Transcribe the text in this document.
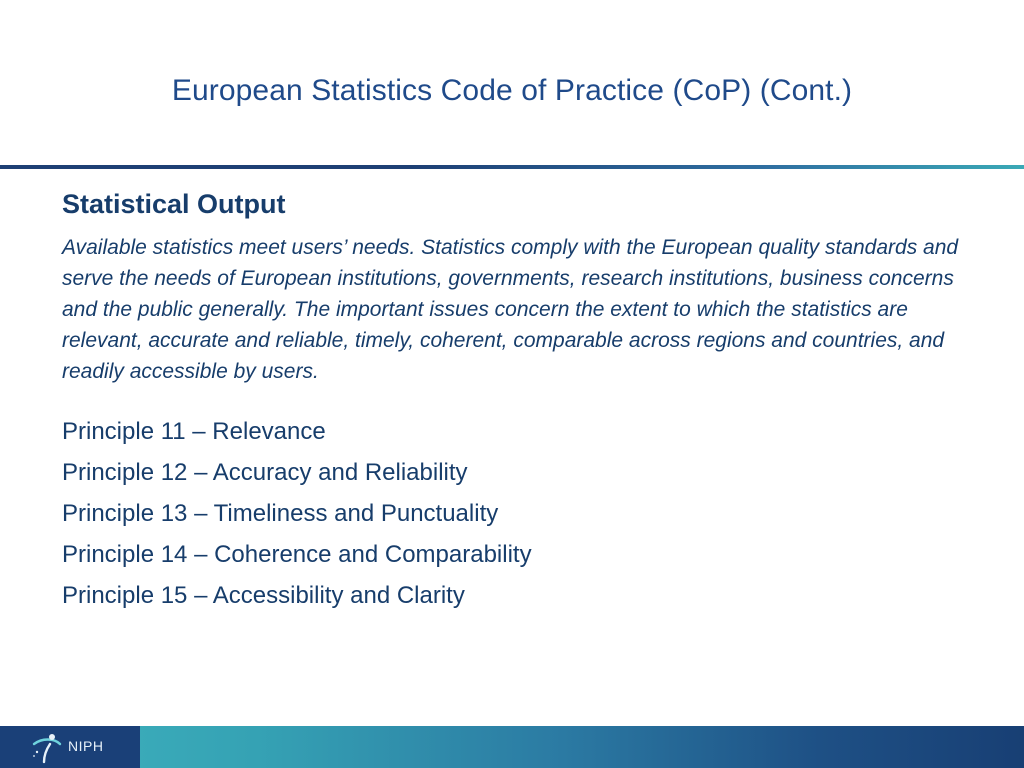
European Statistics Code of Practice (CoP) (Cont.)
Statistical Output

Available statistics meet users’ needs. Statistics comply with the European quality standards and serve the needs of European institutions, governments, research institutions, business concerns and the public generally. The important issues concern the extent to which the statistics are relevant, accurate and reliable, timely, coherent, comparable across regions and countries, and readily accessible by users.

Principle 11 – Relevance
Principle 12 – Accuracy and Reliability
Principle 13 – Timeliness and Punctuality
Principle 14 – Coherence and Comparability
Principle 15 – Accessibility and Clarity
NIPH
